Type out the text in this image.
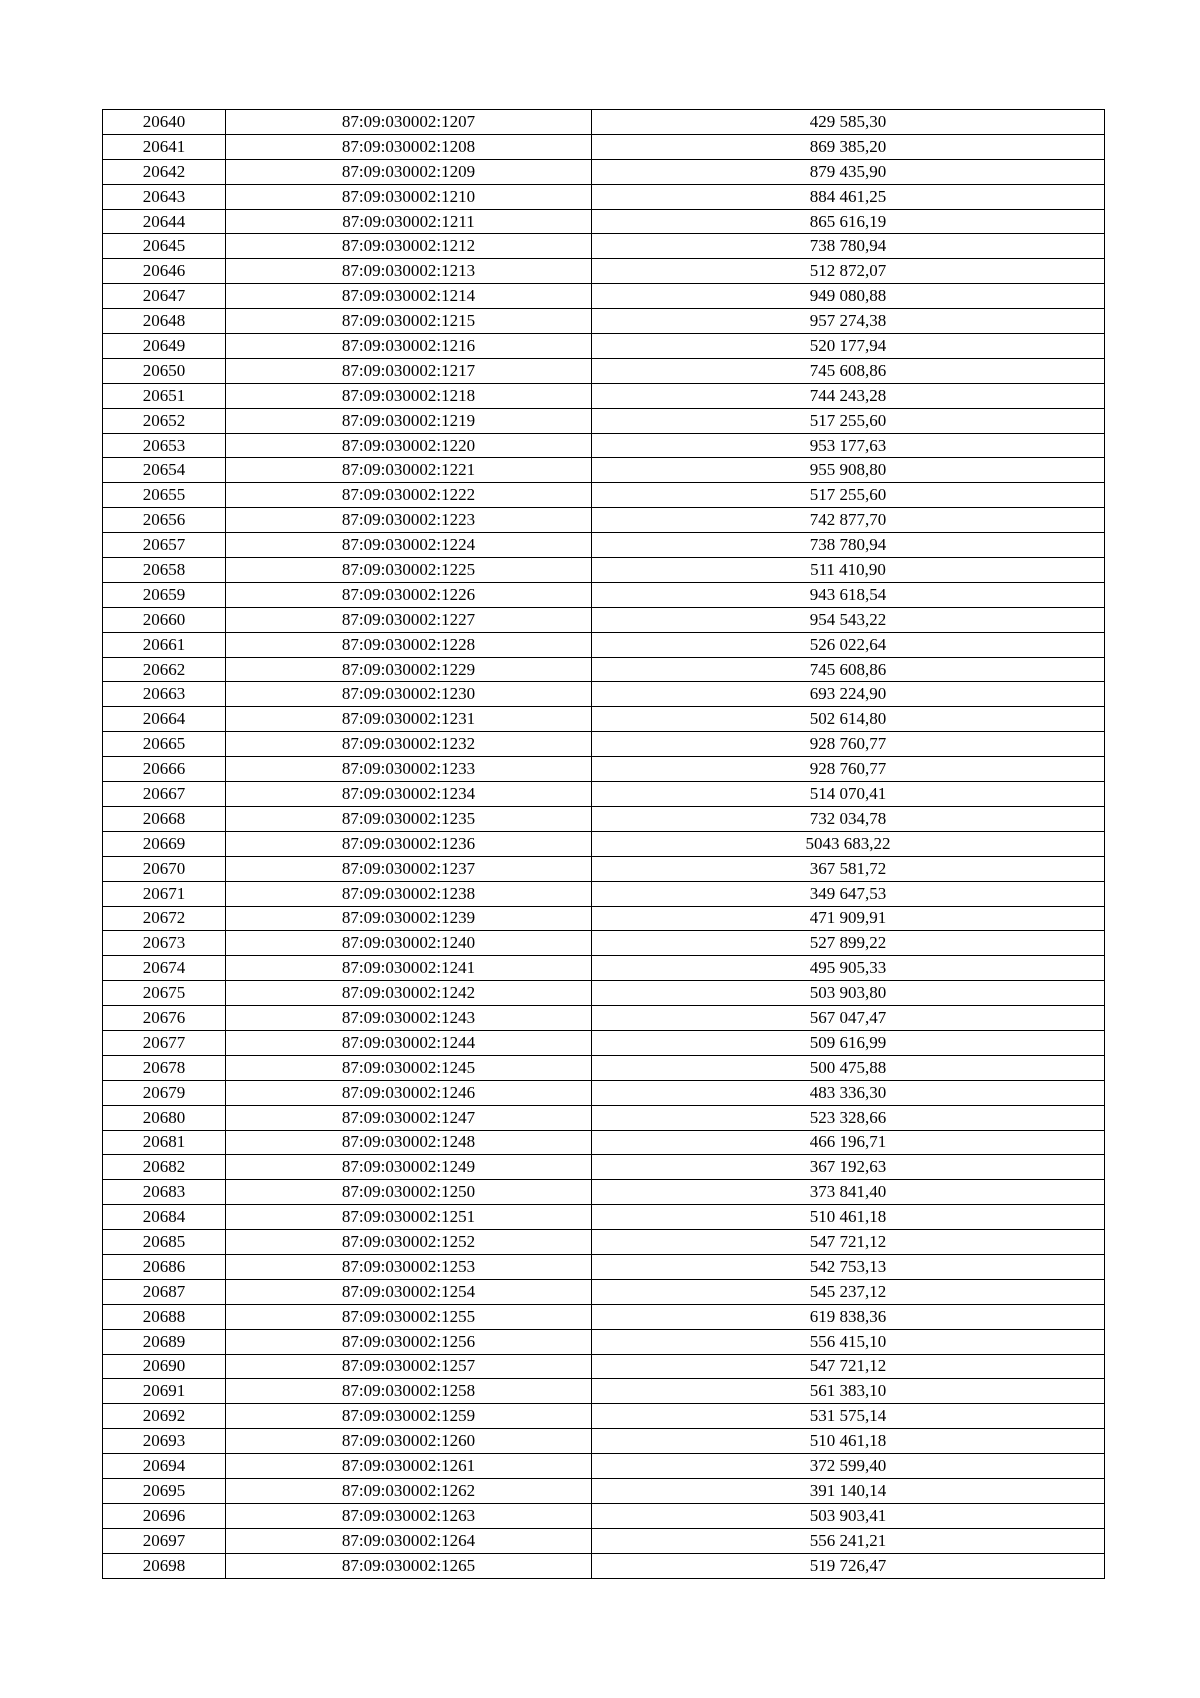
20640	87:09:030002:1207	429 585,30
20641	87:09:030002:1208	869 385,20
20642	87:09:030002:1209	879 435,90
20643	87:09:030002:1210	884 461,25
20644	87:09:030002:1211	865 616,19
20645	87:09:030002:1212	738 780,94
20646	87:09:030002:1213	512 872,07
20647	87:09:030002:1214	949 080,88
20648	87:09:030002:1215	957 274,38
20649	87:09:030002:1216	520 177,94
20650	87:09:030002:1217	745 608,86
20651	87:09:030002:1218	744 243,28
20652	87:09:030002:1219	517 255,60
20653	87:09:030002:1220	953 177,63
20654	87:09:030002:1221	955 908,80
20655	87:09:030002:1222	517 255,60
20656	87:09:030002:1223	742 877,70
20657	87:09:030002:1224	738 780,94
20658	87:09:030002:1225	511 410,90
20659	87:09:030002:1226	943 618,54
20660	87:09:030002:1227	954 543,22
20661	87:09:030002:1228	526 022,64
20662	87:09:030002:1229	745 608,86
20663	87:09:030002:1230	693 224,90
20664	87:09:030002:1231	502 614,80
20665	87:09:030002:1232	928 760,77
20666	87:09:030002:1233	928 760,77
20667	87:09:030002:1234	514 070,41
20668	87:09:030002:1235	732 034,78
20669	87:09:030002:1236	5043 683,22
20670	87:09:030002:1237	367 581,72
20671	87:09:030002:1238	349 647,53
20672	87:09:030002:1239	471 909,91
20673	87:09:030002:1240	527 899,22
20674	87:09:030002:1241	495 905,33
20675	87:09:030002:1242	503 903,80
20676	87:09:030002:1243	567 047,47
20677	87:09:030002:1244	509 616,99
20678	87:09:030002:1245	500 475,88
20679	87:09:030002:1246	483 336,30
20680	87:09:030002:1247	523 328,66
20681	87:09:030002:1248	466 196,71
20682	87:09:030002:1249	367 192,63
20683	87:09:030002:1250	373 841,40
20684	87:09:030002:1251	510 461,18
20685	87:09:030002:1252	547 721,12
20686	87:09:030002:1253	542 753,13
20687	87:09:030002:1254	545 237,12
20688	87:09:030002:1255	619 838,36
20689	87:09:030002:1256	556 415,10
20690	87:09:030002:1257	547 721,12
20691	87:09:030002:1258	561 383,10
20692	87:09:030002:1259	531 575,14
20693	87:09:030002:1260	510 461,18
20694	87:09:030002:1261	372 599,40
20695	87:09:030002:1262	391 140,14
20696	87:09:030002:1263	503 903,41
20697	87:09:030002:1264	556 241,21
20698	87:09:030002:1265	519 726,47
